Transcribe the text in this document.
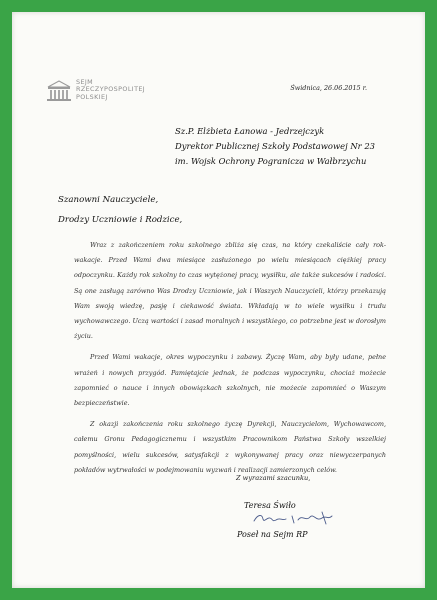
SEJM
RZECZYPOSPOLITEJ
POLSKIEJ
Świdnica, 26.06.2015 r.
Sz.P. Elżbieta Łanowa - Jedrzejczyk
Dyrektor Publicznej Szkoły Podstawowej Nr 23
im. Wojsk Ochrony Pogranicza w Wałbrzychu
Szanowni Nauczyciele,
Drodzy Uczniowie i Rodzice,

Wraz z zakończeniem roku szkolnego zbliża się czas, na który czekaliście cały rok- wakacje. Przed Wami dwa miesiące zasłużonego po wielu miesiącach ciężkiej pracy odpoczynku. Każdy rok szkolny to czas wytężonej pracy, wysiłku, ale także sukcesów i radości. Są one zasługą zarówno Was Drodzy Uczniowie, jak i Waszych Nauczycieli, którzy przekazują Wam swoją wiedzę, pasję i ciekawość świata. Wkładają w to wiele wysiłku i trudu wychowawczego. Uczą wartości i zasad moralnych i wszystkiego, co potrzebne jest w dorosłym życiu.

Przed Wami wakacje, okres wypoczynku i zabawy. Życzę Wam, aby były udane, pełne wrażeń i nowych przygód. Pamiętajcie jednak, że podczas wypoczynku, chociaż możecie zapomnieć o nauce i innych obowiązkach szkolnych, nie możecie zapomnieć o Waszym bezpieczeństwie.

Z okazji zakończenia roku szkolnego życzę Dyrekcji, Nauczycielom, Wychowawcom, całemu Gronu Pedagogicznemu i wszystkim Pracownikom Państwa Szkoły wszelkiej pomyślności, wielu sukcesów, satysfakcji z wykonywanej pracy oraz niewyczerpanych pokładów wytrwałości w podejmowaniu wyzwań i realizacji zamierzonych celów.

Z wyrazami szacunku,
Teresa Świło
Poseł na Sejm RP
